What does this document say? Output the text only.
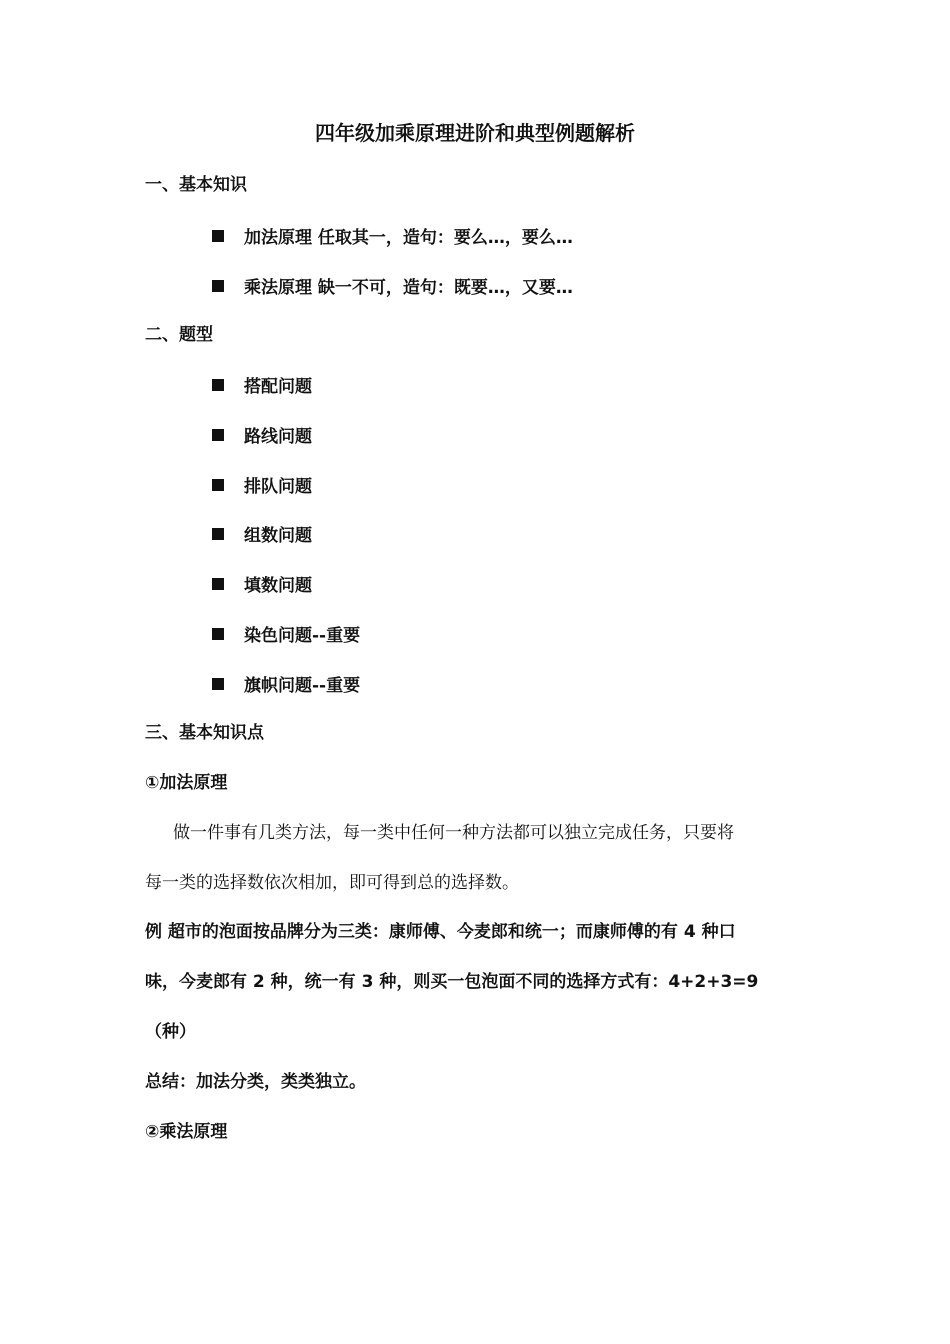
四年级加乘原理进阶和典型例题解析
一、基本知识
加法原理 任取其一，造句：要么…，要么…
乘法原理 缺一不可，造句：既要…，又要…
二、题型
搭配问题
路线问题
排队问题
组数问题
填数问题
染色问题--重要
旗帜问题--重要
三、基本知识点
①加法原理
做一件事有几类方法，每一类中任何一种方法都可以独立完成任务，只要将
每一类的选择数依次相加，即可得到总的选择数。
例 超市的泡面按品牌分为三类：康师傅、今麦郎和统一；而康师傅的有 4 种口
味，今麦郎有 2 种，统一有 3 种，则买一包泡面不同的选择方式有：4+2+3=9
（种）
总结：加法分类，类类独立。
②乘法原理
